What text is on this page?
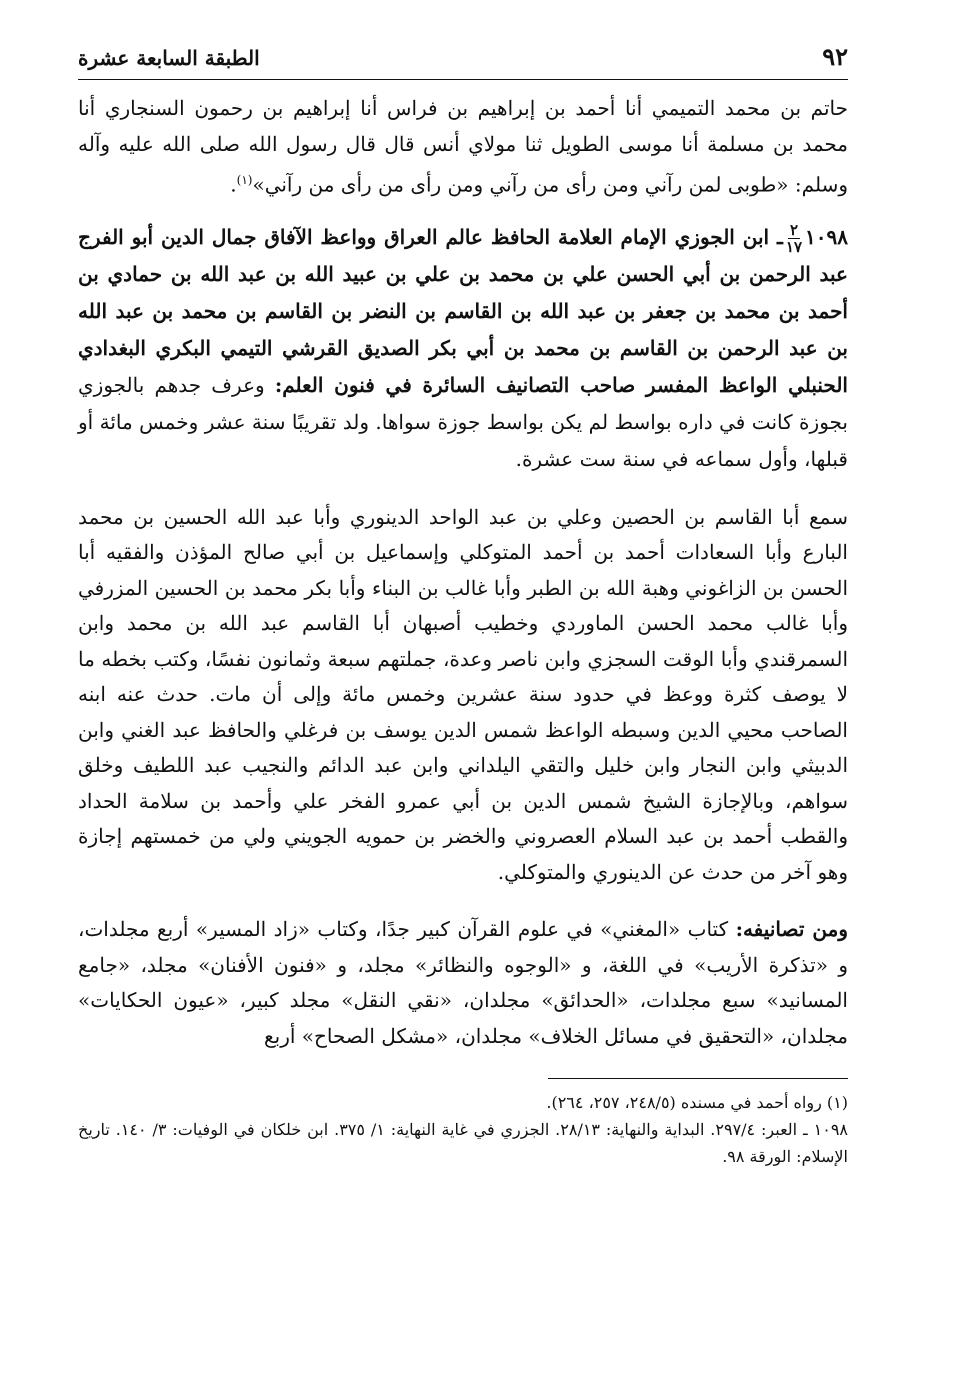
٩٢
الطبقة السابعة عشرة

حاتم بن محمد التميمي أنا أحمد بن إبراهيم بن فراس أنا إبراهيم بن رحمون السنجاري أنا محمد بن مسلمة أنا موسى الطويل ثنا مولاي أنس قال قال رسول الله صلى الله عليه وآله وسلم: «طوبى لمن رآني ومن رأى من رآني ومن رأى من رأى من رآني»$^{(١)}$.

١٠٩٨
$\frac{٢}{١٧}$
ـ ابن الجوزي الإمام العلامة الحافظ عالم العراق وواعظ الآفاق جمال الدين أبو الفرج عبد الرحمن بن أبي الحسن علي بن محمد بن علي بن عبيد الله بن عبد الله بن حمادي بن أحمد بن محمد بن جعفر بن عبد الله بن القاسم بن النضر بن القاسم بن محمد بن عبد الله بن عبد الرحمن بن القاسم بن محمد بن أبي بكر الصديق القرشي التيمي البكري البغدادي الحنبلي الواعظ المفسر صاحب التصانيف السائرة في فنون العلم: وعرف جدهم بالجوزي بجوزة كانت في داره بواسط لم يكن بواسط جوزة سواها. ولد تقريبًا سنة عشر وخمس مائة أو قبلها، وأول سماعه في سنة ست عشرة.

سمع أبا القاسم بن الحصين وعلي بن عبد الواحد الدينوري وأبا عبد الله الحسين بن محمد البارع وأبا السعادات أحمد بن أحمد المتوكلي وإسماعيل بن أبي صالح المؤذن والفقيه أبا الحسن بن الزاغوني وهبة الله بن الطبر وأبا غالب بن البناء وأبا بكر محمد بن الحسين المزرفي وأبا غالب محمد الحسن الماوردي وخطيب أصبهان أبا القاسم عبد الله بن محمد وابن السمرقندي وأبا الوقت السجزي وابن ناصر وعدة، جملتهم سبعة وثمانون نفسًا، وكتب بخطه ما لا يوصف كثرة ووعظ في حدود سنة عشرين وخمس مائة وإلى أن مات. حدث عنه ابنه الصاحب محيي الدين وسبطه الواعظ شمس الدين يوسف بن فرغلي والحافظ عبد الغني وابن الدبيثي وابن النجار وابن خليل والتقي اليلداني وابن عبد الدائم والنجيب عبد اللطيف وخلق سواهم، وبالإجازة الشيخ شمس الدين بن أبي عمرو الفخر علي وأحمد بن سلامة الحداد والقطب أحمد بن عبد السلام العصروني والخضر بن حمويه الجويني ولي من خمستهم إجازة وهو آخر من حدث عن الدينوري والمتوكلي.

ومن تصانيفه: كتاب «المغني» في علوم القرآن كبير جدًا، وكتاب «زاد المسير» أربع مجلدات، و «تذكرة الأريب» في اللغة، و «الوجوه والنظائر» مجلد، و «فنون الأفنان» مجلد، «جامع المسانيد» سبع مجلدات، «الحدائق» مجلدان، «نقي النقل» مجلد كبير، «عيون الحكايات» مجلدان، «التحقيق في مسائل الخلاف» مجلدان، «مشكل الصحاح» أربع

(١) رواه أحمد في مسنده (٢٤٨/٥، ٢٥٧، ٢٦٤).

١٠٩٨ ـ العبر: ٢٩٧/٤. البداية والنهاية: ٢٨/١٣. الجزري في غاية النهاية: ١/ ٣٧٥. ابن خلكان في الوفيات: ٣/ ١٤٠. تاريخ الإسلام: الورقة ٩٨.
